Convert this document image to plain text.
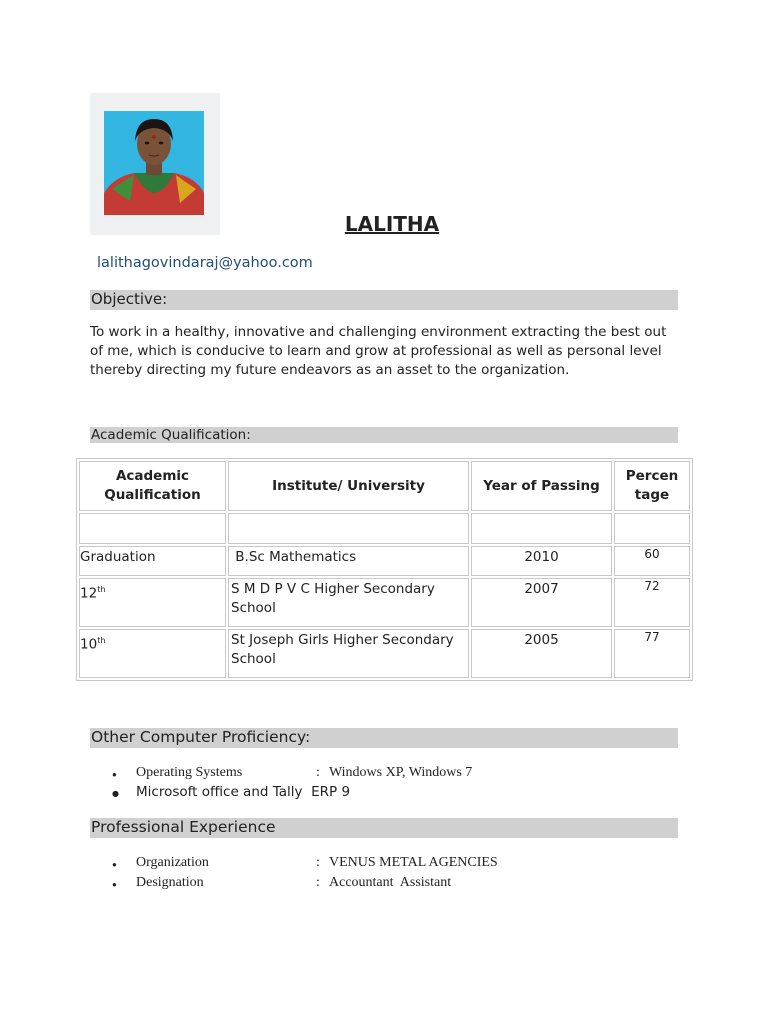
LALITHA
lalithagovindaraj@yahoo.com
Objective:
To work in a healthy, innovative and challenging environment extracting the best out of me, which is conducive to learn and grow at professional as well as personal level thereby directing my future endeavors as an asset to the organization.
Academic Qualification:
Academic Qualification	Institute/ University	Year of Passing	Percen tage

Graduation	B.Sc Mathematics	2010	60

12th	S M D P V C Higher Secondary School	2007	72

10th	St Joseph Girls Higher Secondary School	2005	77
Other Computer Proficiency:
● Operating Systems	: Windows XP, Windows 7
● Microsoft office and Tally  ERP 9
Professional Experience
● Organization	: VENUS METAL AGENCIES
● Designation	: Accountant  Assistant
